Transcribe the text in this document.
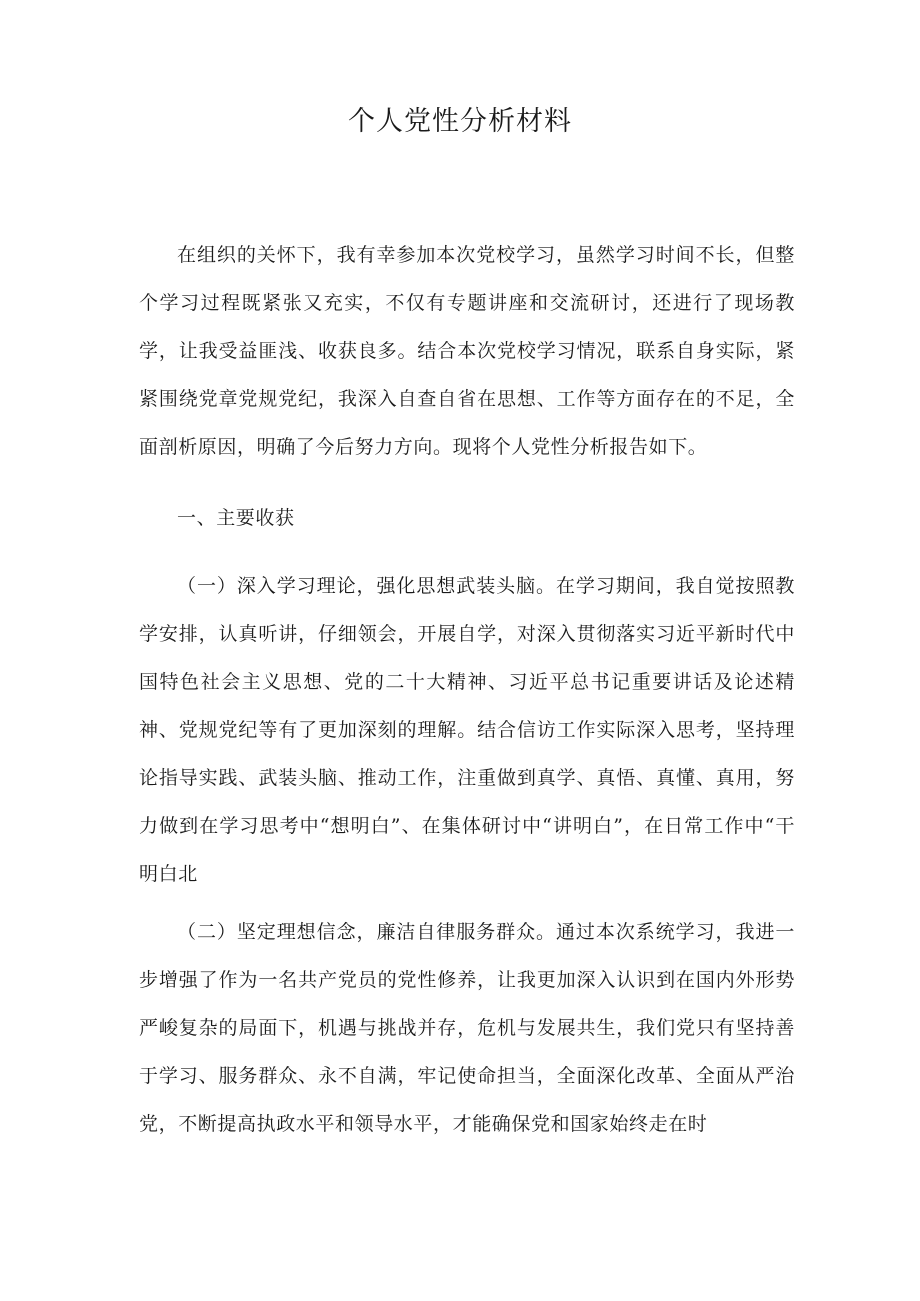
个人党性分析材料

在组织的关怀下，我有幸参加本次党校学习，虽然学习时间不长，但整个学习过程既紧张又充实，不仅有专题讲座和交流研讨，还进行了现场教学，让我受益匪浅、收获良多。结合本次党校学习情况，联系自身实际，紧紧围绕党章党规党纪，我深入自查自省在思想、工作等方面存在的不足，全面剖析原因，明确了今后努力方向。现将个人党性分析报告如下。

一、主要收获

（一）深入学习理论，强化思想武装头脑。在学习期间，我自觉按照教学安排，认真听讲，仔细领会，开展自学，对深入贯彻落实习近平新时代中国特色社会主义思想、党的二十大精神、习近平总书记重要讲话及论述精神、党规党纪等有了更加深刻的理解。结合信访工作实际深入思考，坚持理论指导实践、武装头脑、推动工作，注重做到真学、真悟、真懂、真用，努力做到在学习思考中“想明白”、在集体研讨中“讲明白”，在日常工作中“干明白北

（二）坚定理想信念，廉洁自律服务群众。通过本次系统学习，我进一步增强了作为一名共产党员的党性修养，让我更加深入认识到在国内外形势严峻复杂的局面下，机遇与挑战并存，危机与发展共生，我们党只有坚持善于学习、服务群众、永不自满，牢记使命担当，全面深化改革、全面从严治党，不断提高执政水平和领导水平，才能确保党和国家始终走在时
